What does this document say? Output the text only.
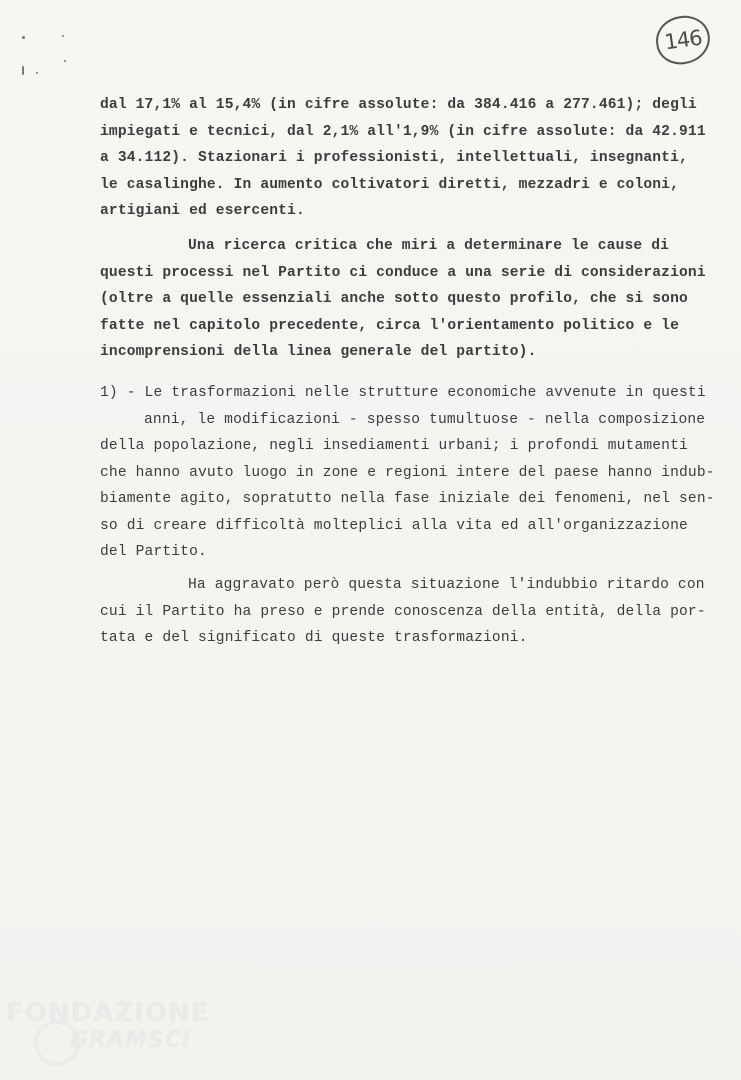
146
dal 17,1% al 15,4% (in cifre assolute: da 384.416 a 277.461); degli
impiegati e tecnici, dal 2,1% all'1,9% (in cifre assolute: da 42.911
a 34.112). Stazionari i professionisti, intellettuali, insegnanti,
le casalinghe. In aumento coltivatori diretti, mezzadri e coloni,
artigiani ed esercenti.
Una ricerca critica che miri a determinare le cause di
questi processi nel Partito ci conduce a una serie di considerazioni
(oltre a quelle essenziali anche sotto questo profilo, che si sono
fatte nel capitolo precedente, circa l'orientamento politico e le
incomprensioni della linea generale del partito).
1) - Le trasformazioni nelle strutture economiche avvenute in questi
anni, le modificazioni - spesso tumultuose - nella composizione
della popolazione, negli insediamenti urbani; i profondi mutamenti
che hanno avuto luogo in zone e regioni intere del paese hanno indub-
biamente agito, sopratutto nella fase iniziale dei fenomeni, nel sen-
so di creare difficoltà molteplici alla vita ed all'organizzazione
del Partito.
Ha aggravato però questa situazione l'indubbio ritardo con
cui il Partito ha preso e prende conoscenza della entità, della por-
tata e del significato di queste trasformazioni.
FONDAZIONE
GRAMSCI
